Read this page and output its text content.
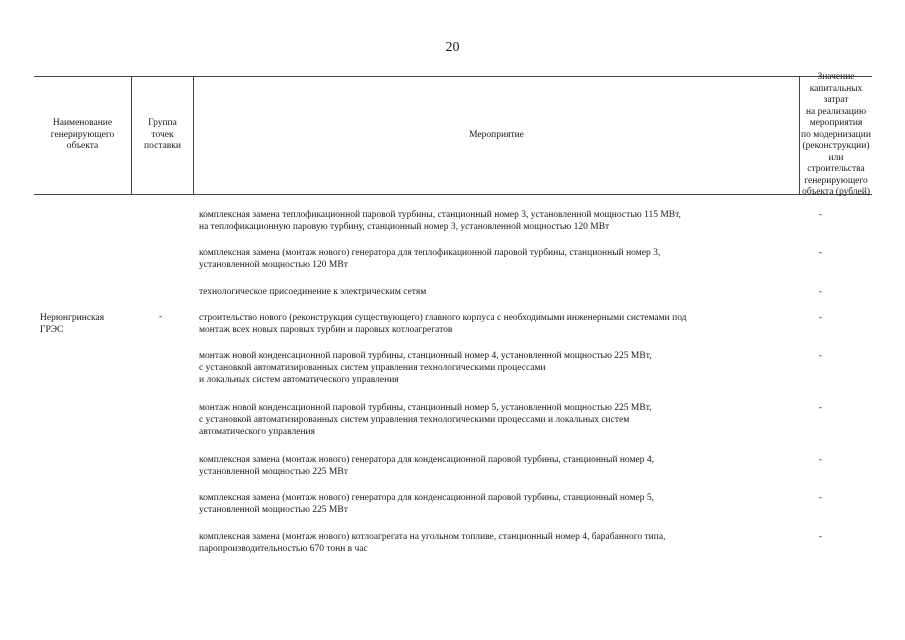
20
Наименование
генерирующего
объекта
Группа
точек
поставки
Мероприятие
Значение
капитальных затрат
на реализацию
мероприятия
по модернизации
(реконструкции)
или строительства
генерирующего
объекта (рублей)
Нерюнгринская
ГРЭС
-
комплексная замена теплофикационной паровой турбины, станционный номер 3, установленной мощностью 115 МВт,
на теплофикационную паровую турбину, станционный номер 3, установленной мощностью 120 МВт
-
комплексная замена (монтаж нового) генератора для теплофикационной паровой турбины, станционный номер 3,
установленной мощностью 120 МВт
-
технологическое присоединение к электрическим сетям	-
строительство нового (реконструкция существующего) главного корпуса с необходимыми инженерными системами под
монтаж всех новых паровых турбин и паровых котлоагрегатов
-
монтаж новой конденсационной паровой турбины, станционный номер 4, установленной мощностью 225 МВт,
с установкой автоматизированных систем управления технологическими процессами
и локальных систем автоматического управления
-
монтаж новой конденсационной паровой турбины, станционный номер 5, установленной мощностью 225 МВт,
с установкой автоматизированных систем управления технологическими процессами и локальных систем
автоматического управления
-
комплексная замена (монтаж нового) генератора для конденсационной паровой турбины, станционный номер 4,
установленной мощностью 225 МВт
-
комплексная замена (монтаж нового) генератора для конденсационной паровой турбины, станционный номер 5,
установленной мощностью 225 МВт
-
комплексная замена (монтаж нового) котлоагрегата на угольном топливе, станционный номер 4, барабанного типа,
паропроизводительностью 670 тонн в час
-
